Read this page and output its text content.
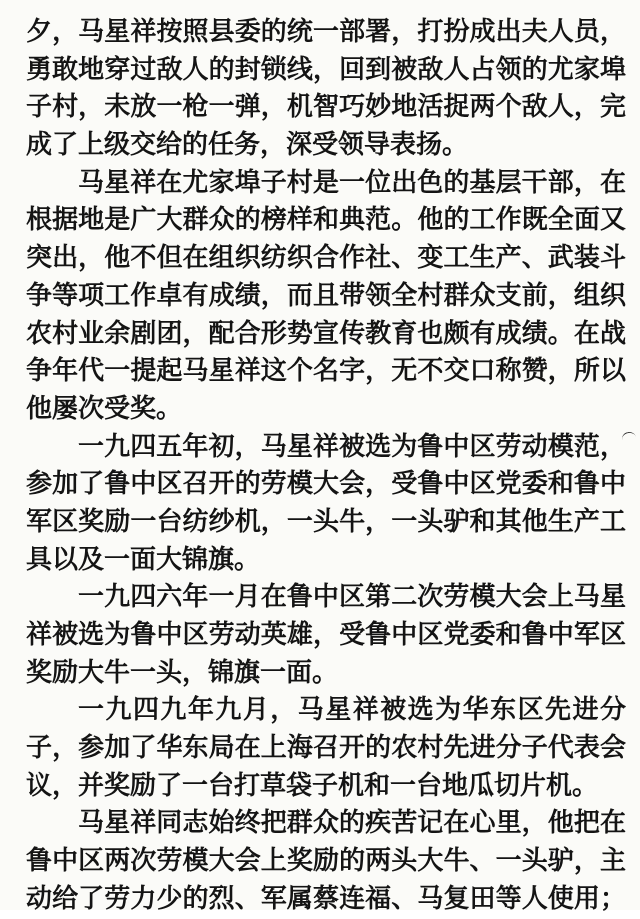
夕，马星祥按照县委的统一部署，打扮成出夫人员，
勇敢地穿过敌人的封锁线，回到被敌人占领的尤家埠
子村，未放一枪一弹，机智巧妙地活捉两个敌人，完
成了上级交给的任务，深受领导表扬。
马星祥在尤家埠子村是一位出色的基层干部，在
根据地是广大群众的榜样和典范。他的工作既全面又
突出，他不但在组织纺织合作社、变工生产、武装斗
争等项工作卓有成绩，而且带领全村群众支前，组织
农村业余剧团，配合形势宣传教育也颇有成绩。在战
争年代一提起马星祥这个名字，无不交口称赞，所以
他屡次受奖。
一九四五年初，马星祥被选为鲁中区劳动模范，
参加了鲁中区召开的劳模大会，受鲁中区党委和鲁中
军区奖励一台纺纱机，一头牛，一头驴和其他生产工
具以及一面大锦旗。
一九四六年一月在鲁中区第二次劳模大会上马星
祥被选为鲁中区劳动英雄，受鲁中区党委和鲁中军区
奖励大牛一头，锦旗一面。
一九四九年九月，马星祥被选为华东区先进分
子，参加了华东局在上海召开的农村先进分子代表会
议，并奖励了一台打草袋子机和一台地瓜切片机。
马星祥同志始终把群众的疾苦记在心里，他把在
鲁中区两次劳模大会上奖励的两头大牛、一头驴，主
动给了劳力少的烈、军属蔡连福、马复田等人使用；
